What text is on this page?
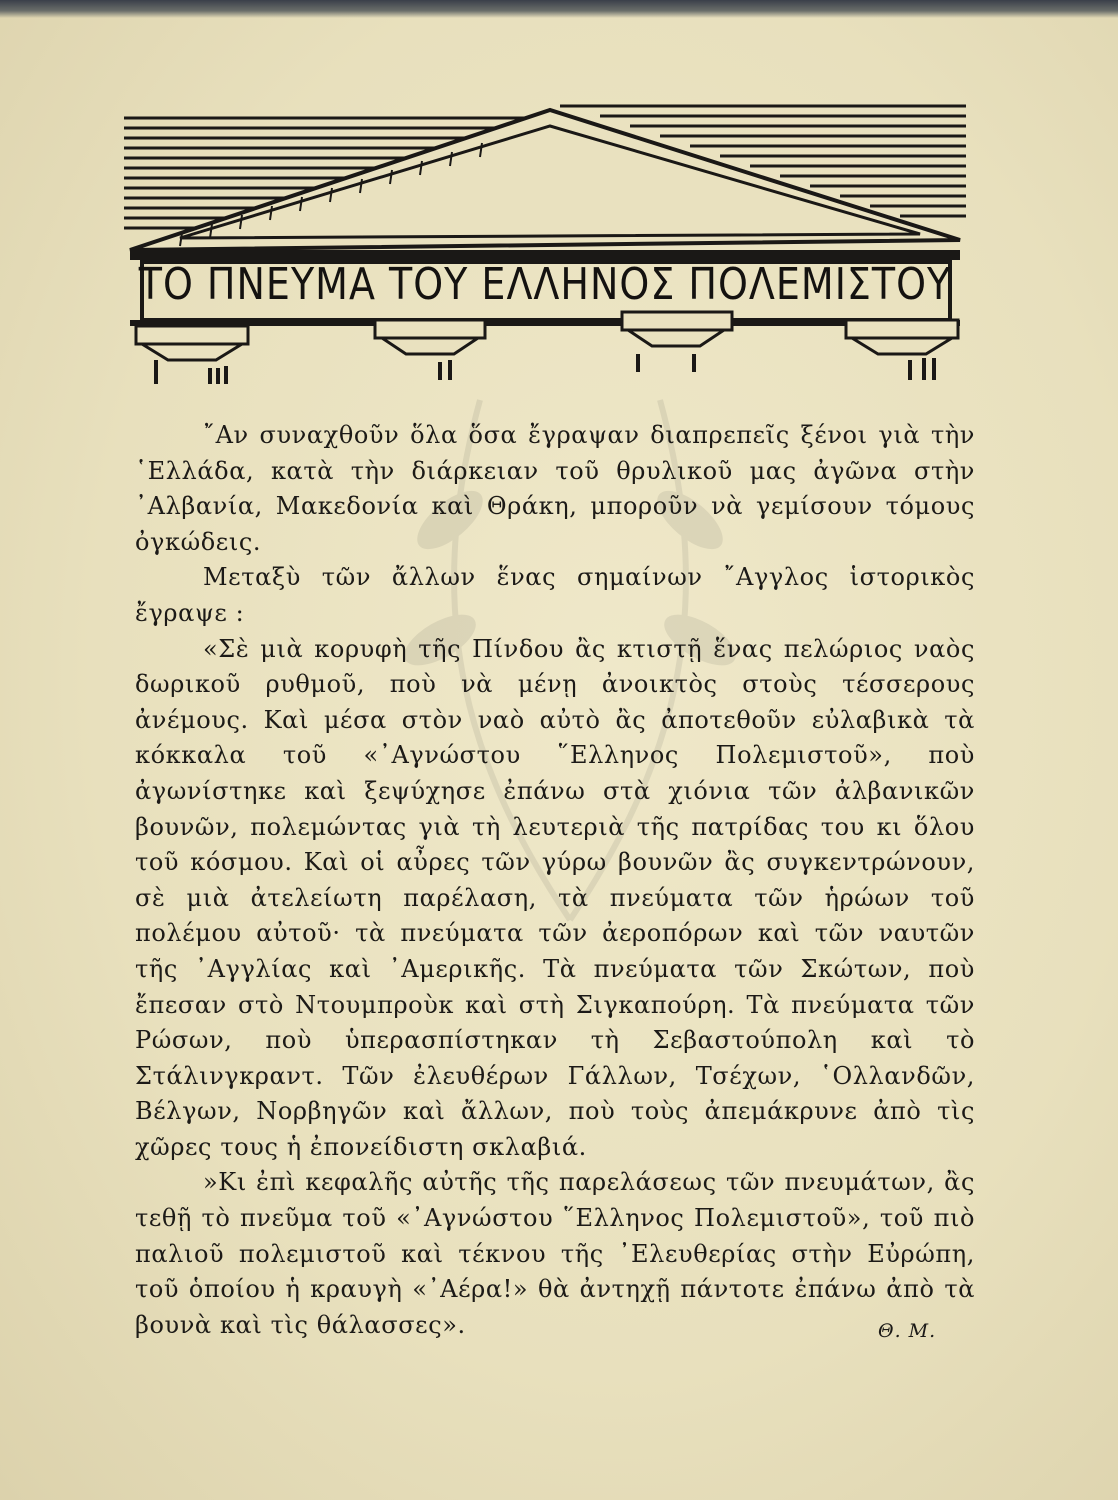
ΤΟ ΠΝΕΥΜΑ ΤΟΥ ΕΛΛΗΝΟΣ ΠΟΛΕΜΙΣΤΟΥ

῎Αν συναχθοῦν ὅλα ὅσα ἔγραψαν διαπρεπεῖς ξένοι γιὰ τὴν ῾Ελλάδα, κατὰ τὴν διάρκειαν τοῦ θρυλικοῦ μας ἀγῶνα στὴν ᾿Αλβανία, Μακεδονία καὶ Θράκη, μποροῦν νὰ γεμίσουν τόμους ὀγκώδεις.

Μεταξὺ τῶν ἄλλων ἕνας σημαίνων ῎Αγγλος ἱστορικὸς ἔγραψε :

«Σὲ μιὰ κορυφὴ τῆς Πίνδου ἂς κτιστῇ ἕνας πελώριος ναὸς δωρικοῦ ρυθμοῦ, ποὺ νὰ μένῃ ἀνοικτὸς στοὺς τέσσερους ἀνέμους. Καὶ μέσα στὸν ναὸ αὐτὸ ἂς ἀποτεθοῦν εὐλαβικὰ τὰ κόκκαλα τοῦ «᾿Αγνώστου ῞Ελληνος Πολεμιστοῦ», ποὺ ἀγωνίστηκε καὶ ξεψύχησε ἐπάνω στὰ χιόνια τῶν ἀλβανικῶν βουνῶν, πολεμώντας γιὰ τὴ λευτεριὰ τῆς πατρίδας του κι ὅλου τοῦ κόσμου. Καὶ οἱ αὖρες τῶν γύρω βουνῶν ἂς συγκεντρώνουν, σὲ μιὰ ἀτελείωτη παρέλαση, τὰ πνεύματα τῶν ἡρώων τοῦ πολέμου αὐτοῦ· τὰ πνεύματα τῶν ἀεροπόρων καὶ τῶν ναυτῶν τῆς ᾿Αγγλίας καὶ ᾿Αμερικῆς. Τὰ πνεύματα τῶν Σκώτων, ποὺ ἔπεσαν στὸ Ντουμπροὺκ καὶ στὴ Σιγκαπούρη. Τὰ πνεύματα τῶν Ρώσων, ποὺ ὑπερασπίστηκαν τὴ Σεβαστούπολη καὶ τὸ Στάλινγκραντ. Τῶν ἐλευθέρων Γάλλων, Τσέχων, ῾Ολλανδῶν, Βέλγων, Νορβηγῶν καὶ ἄλλων, ποὺ τοὺς ἀπεμάκρυνε ἀπὸ τὶς χῶρες τους ἡ ἐπονείδιστη σκλαβιά.

»Κι ἐπὶ κεφαλῆς αὐτῆς τῆς παρελάσεως τῶν πνευμάτων, ἂς τεθῇ τὸ πνεῦμα τοῦ «᾿Αγνώστου ῞Ελληνος Πολεμιστοῦ», τοῦ πιὸ παλιοῦ πολεμιστοῦ καὶ τέκνου τῆς ᾿Ελευθερίας στὴν Εὐρώπη, τοῦ ὁποίου ἡ κραυγὴ «᾿Αέρα!» θὰ ἀντηχῇ πάντοτε ἐπάνω ἀπὸ τὰ βουνὰ καὶ τὶς θάλασσες».	Θ. Μ.
